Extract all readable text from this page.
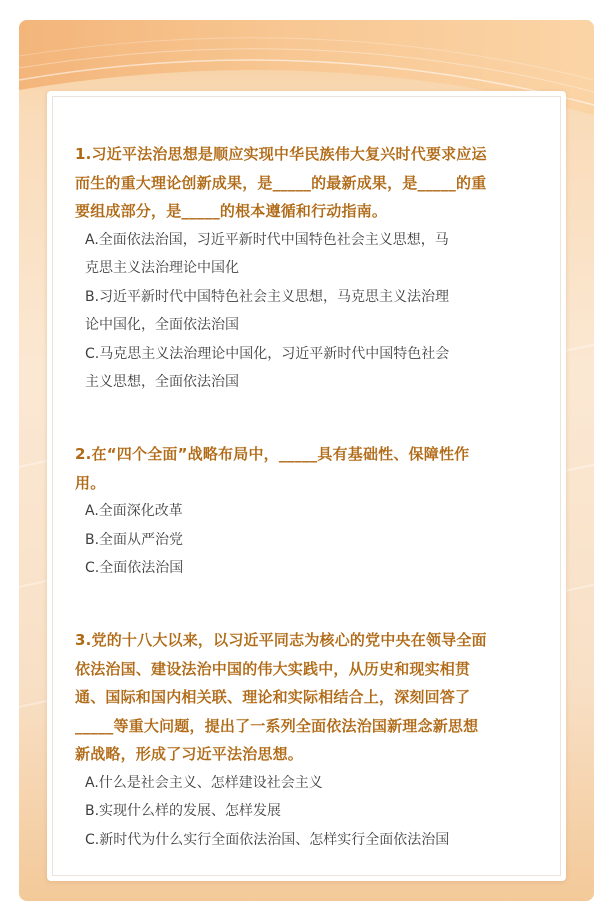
1.习近平法治思想是顺应实现中华民族伟大复兴时代要求应运

而生的重大理论创新成果，是_____的最新成果，是_____的重

要组成部分，是_____的根本遵循和行动指南。

A.全面依法治国，习近平新时代中国特色社会主义思想，马

克思主义法治理论中国化

B.习近平新时代中国特色社会主义思想，马克思主义法治理

论中国化，全面依法治国

C.马克思主义法治理论中国化，习近平新时代中国特色社会

主义思想，全面依法治国

2.在“四个全面”战略布局中，_____具有基础性、保障性作

用。

A.全面深化改革

B.全面从严治党

C.全面依法治国

3.党的十八大以来，以习近平同志为核心的党中央在领导全面

依法治国、建设法治中国的伟大实践中，从历史和现实相贯

通、国际和国内相关联、理论和实际相结合上，深刻回答了

_____等重大问题，提出了一系列全面依法治国新理念新思想

新战略，形成了习近平法治思想。

A.什么是社会主义、怎样建设社会主义

B.实现什么样的发展、怎样发展

C.新时代为什么实行全面依法治国、怎样实行全面依法治国
